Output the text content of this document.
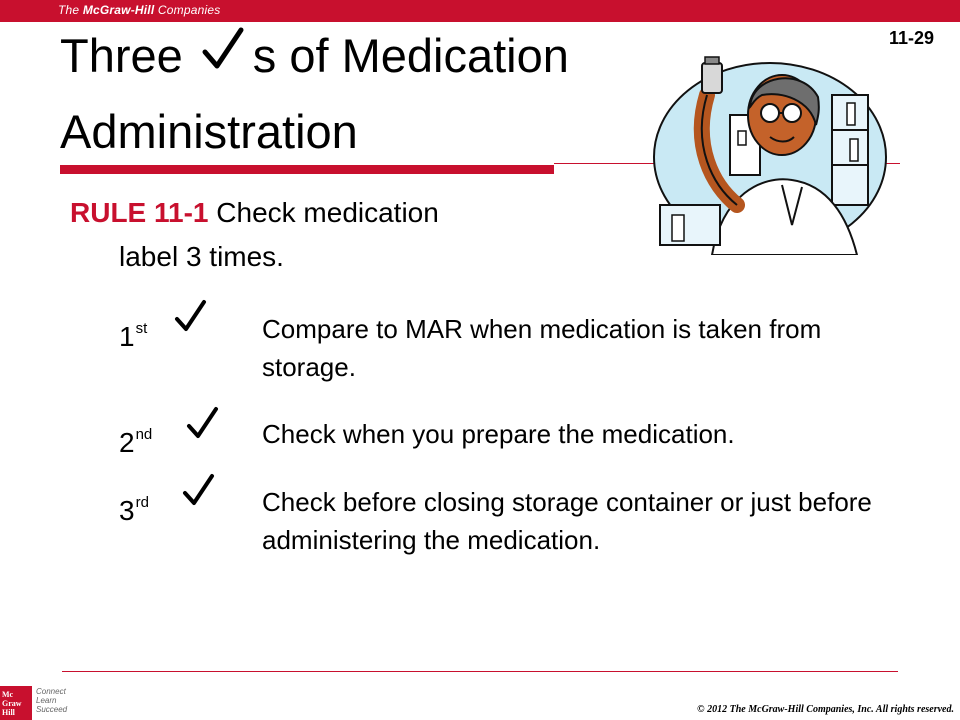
The McGraw-Hill Companies
11-29
Three s of Medication
Administration
RULE 11-1 Check medication
label 3 times.
1st	Compare to MAR when medication is taken from storage.
2nd	Check when you prepare the medication.
3rd	Check before closing storage container or just before administering the medication.
Mc Graw Hill
Connect
Learn
Succeed	© 2012 The McGraw-Hill Companies, Inc. All rights reserved.
